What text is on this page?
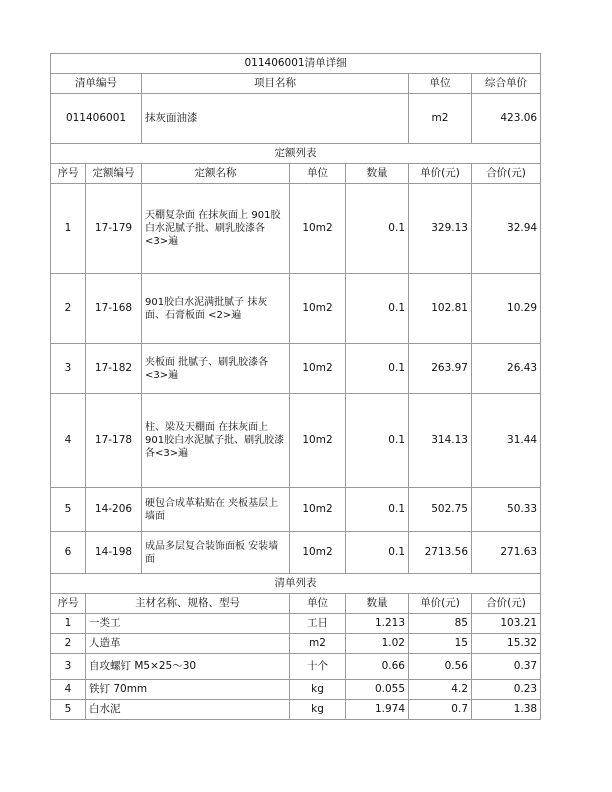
011406001清单详细						
清单编号		项目名称			单位	综合单价
011406001		抹灰面油漆			m2	423.06
定额列表						
序号	定额编号	定额名称	单位	数量	单价(元)	合价(元)
1	17-179	天棚复杂面 在抹灰面上 901胶白水泥腻子批、刷乳胶漆各<3>遍	10m2	0.1	329.13	32.94
2	17-168	901胶白水泥满批腻子 抹灰面、石膏板面 <2>遍	10m2	0.1	102.81	10.29
3	17-182	夹板面 批腻子、刷乳胶漆各<3>遍	10m2	0.1	263.97	26.43
4	17-178	柱、梁及天棚面 在抹灰面上 901胶白水泥腻子批、刷乳胶漆各<3>遍	10m2	0.1	314.13	31.44
5	14-206	硬包合成革粘贴在 夹板基层上墙面	10m2	0.1	502.75	50.33
6	14-198	成品多层复合装饰面板 安装墙面	10m2	0.1	2713.56	271.63
清单列表						
序号	主材名称、规格、型号		单位	数量	单价(元)	合价(元)
1	一类工		工日	1.213	85	103.21
2	人造革		m2	1.02	15	15.32
3	自攻螺钉 M5×25～30		十个	0.66	0.56	0.37
4	铁钉 70mm		kg	0.055	4.2	0.23
5	白水泥		kg	1.974	0.7	1.38
